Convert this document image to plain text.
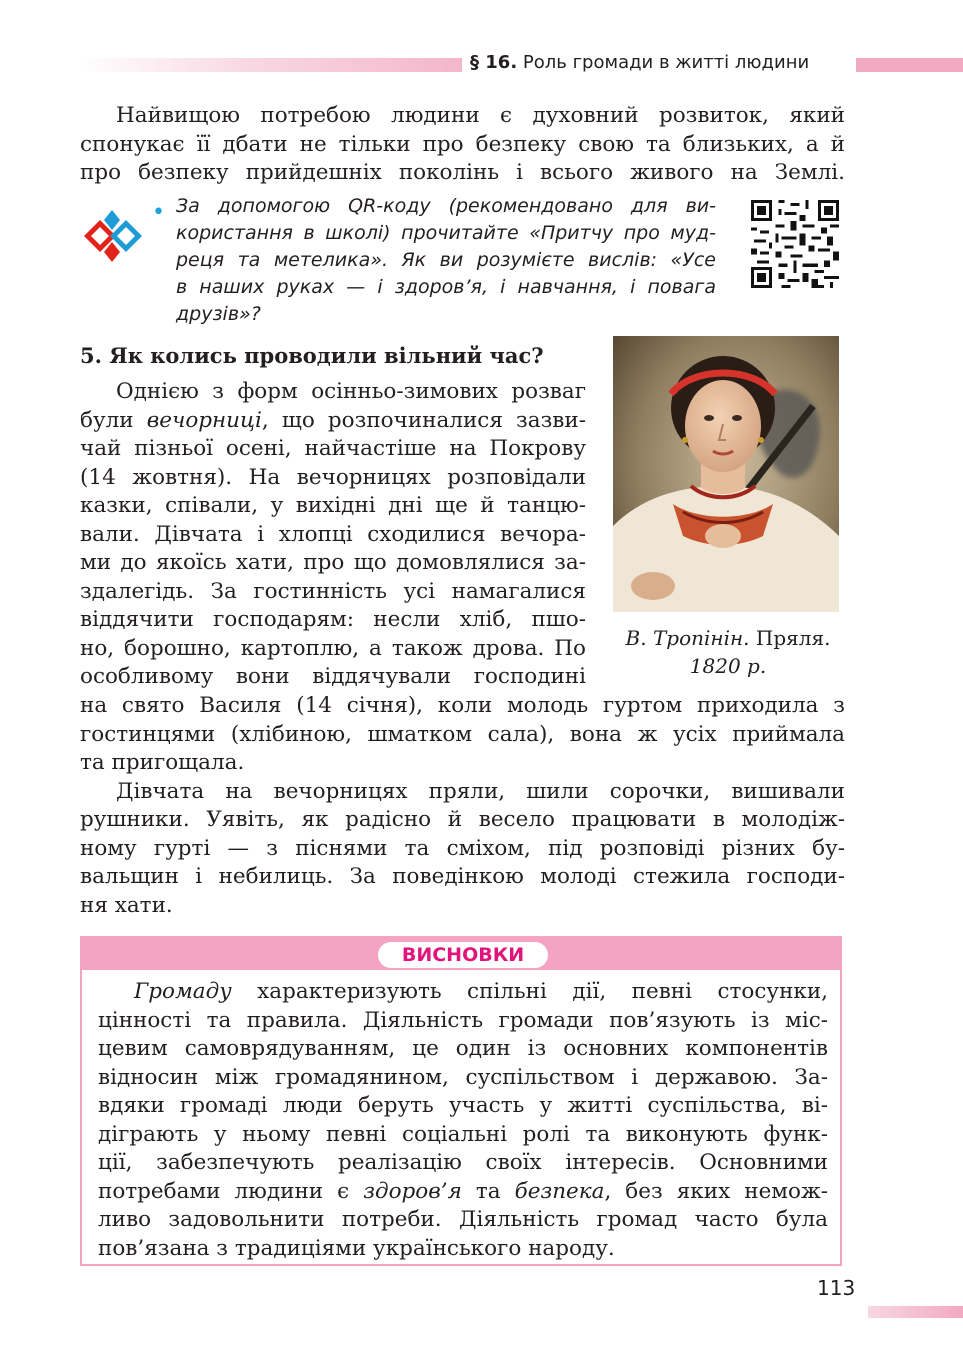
§ 16. Роль громади в житті людини
Найвищою потребою людини є духовний розвиток, який
спонукає її дбати не тільки про безпеку свою та близьких, а й
про безпеку прийдешніх поколінь і всього живого на Землі.
• За допомогою QR-коду (рекомендовано для ви-
користання в школі) прочитайте «Притчу про муд-
реця та метелика». Як ви розумієте вислів: «Усе
в наших руках — і здоров’я, і навчання, і повага
друзів»?
5. Як колись проводили вільний час?
Однією з форм осінньо-зимових розваг
були вечорниці, що розпочиналися зазви-
чай пізньої осені, найчастіше на Покрову
(14 жовтня). На вечорницях розповідали
казки, співали, у вихідні дні ще й танцю-
вали. Дівчата і хлопці сходилися вечора-
ми до якоїсь хати, про що домовлялися за-
здалегідь. За гостинність усі намагалися
віддячити господарям: несли хліб, пшо-
но, борошно, картоплю, а також дрова. По
особливому вони віддячували господині
на свято Василя (14 січня), коли молодь гуртом приходила з
гостинцями (хлібиною, шматком сала), вона ж усіх приймала
та пригощала.
Дівчата на вечорницях пряли, шили сорочки, вишивали
рушники. Уявіть, як радісно й весело працювати в молодіж-
ному гурті — з піснями та сміхом, під розповіді різних бу-
вальщин і небилиць. За поведінкою молоді стежила господи-
ня хати.

В. Тропінін. Пряля.
1820 р.

ВИСНОВКИ
Громаду характеризують спільні дії, певні стосунки,
цінності та правила. Діяльність громади пов’язують із міс-
цевим самоврядуванням, це один із основних компонентів
відносин між громадянином, суспільством і державою. За-
вдяки громаді люди беруть участь у житті суспільства, ві-
діграють у ньому певні соціальні ролі та виконують функ-
ції, забезпечують реалізацію своїх інтересів. Основними
потребами людини є здоров’я та безпека, без яких немож-
ливо задовольнити потреби. Діяльність громад часто була
пов’язана з традиціями українського народу.
113
